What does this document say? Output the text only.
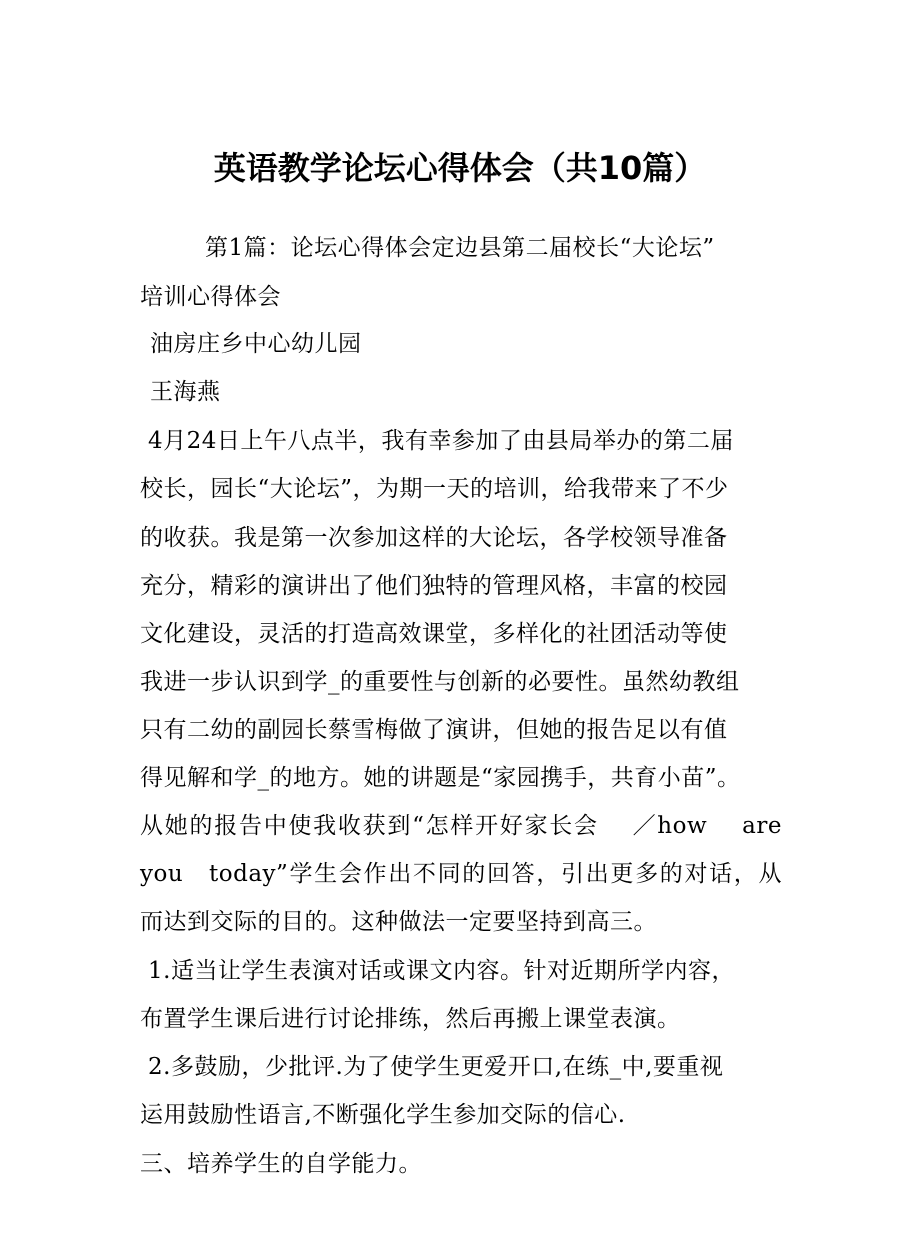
英语教学论坛心得体会（共10篇）
第1篇：论坛心得体会定边县第二届校长“大论坛”
培训心得体会
油房庄乡中心幼儿园
王海燕
4月24日上午八点半，我有幸参加了由县局举办的第二届
校长，园长“大论坛”，为期一天的培训，给我带来了不少
的收获。我是第一次参加这样的大论坛，各学校领导准备
充分，精彩的演讲出了他们独特的管理风格，丰富的校园
文化建设，灵活的打造高效课堂，多样化的社团活动等使
我进一步认识到学_的重要性与创新的必要性。虽然幼教组
只有二幼的副园长蔡雪梅做了演讲，但她的报告足以有值
得见解和学_的地方。她的讲题是“家园携手，共育小苗”。
从她的报告中使我收获到“怎样开好家长会　 ／how　 are
you　today”学生会作出不同的回答，引出更多的对话，从
而达到交际的目的。这种做法一定要坚持到高三。
1.适当让学生表演对话或课文内容。针对近期所学内容，
布置学生课后进行讨论排练，然后再搬上课堂表演。
2.多鼓励，少批评.为了使学生更爱开口,在练_中,要重视
运用鼓励性语言,不断强化学生参加交际的信心.
三、培养学生的自学能力。
